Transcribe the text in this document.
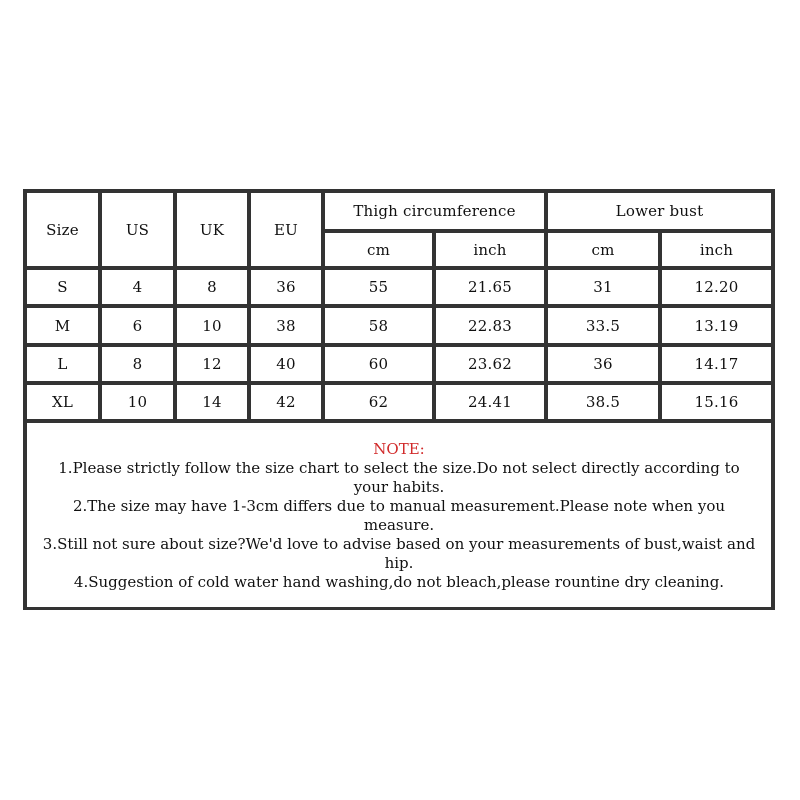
Size	US	UK	EU
Thigh circumference	Lower bust
cm	inch	cm	inch
S	4	8	36	55	21.65	31	12.20
M	6	10	38	58	22.83	33.5	13.19
L	8	12	40	60	23.62	36	14.17
XL	10	14	42	62	24.41	38.5	15.16
NOTE:
1.Please strictly follow the size chart to select the size.Do not select directly according to your habits.
2.The size may have 1-3cm differs due to manual measurement.Please note when you measure.
3.Still not sure about size?We'd love to advise based on your measurements of bust,waist and hip.
4.Suggestion of cold water hand washing,do not bleach,please rountine dry cleaning.
